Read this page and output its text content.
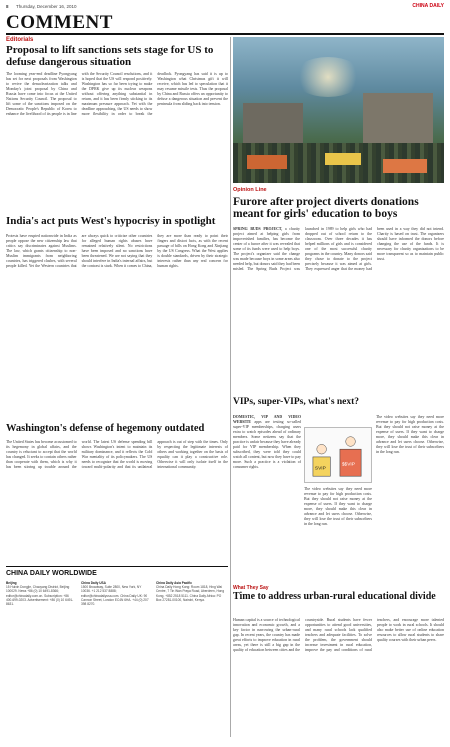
8 Thursday, December 16, 2010	CHINA DAILY
COMMENT
Editorials
Proposal to lift sanctions sets stage for US to defuse dangerous situation
The looming year-end deadline Pyongyang has set for next proposals from Washington to revive the denuclearization talks and Monday's joint proposal by China and Russia have come into focus at the United Nations Security Council. The proposal to lift some of the sanctions imposed on the Democratic People's Republic of Korea to enhance the livelihood of its people is in line with the Security Council resolutions, and it is hoped that the US will respond positively. Washington has so far been trying to make the DPRK give up its nuclear weapons without offering anything substantial in return, and it has been firmly sticking to its maximum pressure approach. Yet with the deadline approaching, the US needs to show more flexibility in order to break the deadlock. Pyongyang has said it is up to Washington what Christmas gift it will receive, which has led to speculation that it may resume missile tests. Thus the proposal by China and Russia offers an opportunity to defuse a dangerous situation and prevent the peninsula from sliding back into tension.
India's act puts West's hypocrisy in spotlight
Protests have erupted nationwide in India as people oppose the new citizenship law that critics say discriminates against Muslims. The law, which grants citizenship to non-Muslim immigrants from neighboring countries, has triggered clashes, with several people killed. Yet the Western countries that are always quick to criticize other countries for alleged human rights abuses have remained relatively silent. No restrictions have been imposed and no sanctions have been threatened. We are not saying that they should interfere in India's internal affairs, but the contrast is stark. When it comes to China, they are more than ready to point their fingers and distort facts, as with the recent passage of bills on Hong Kong and Xinjiang by the US Congress. What the West applies is double standards, driven by their strategic interests rather than any real concern for human rights.
Washington's defense of hegemony outdated
The United States has become accustomed to its hegemony in global affairs, and the country is reluctant to accept that the world has changed. It seeks to contain others rather than cooperate with them, which is why it has been stirring up trouble around the world. The latest US defense spending bill shows Washington's intent to maintain its military dominance, and it reflects the Cold War mentality of its policymakers. The US needs to recognize that the world is moving toward multi-polarity and that its unilateral approach is out of step with the times. Only by respecting the legitimate interests of others and working together on the basis of equality can it play a constructive role. Otherwise it will only isolate itself in the international community.
CHINA DAILY WORLDWIDE
Beijing
15 Huixin Dongjie, Chaoyang District, Beijing 100029. News +86 (0) 10 6491-8366; editor@chinadaily.com.cn. Subscription: +86 400-699-0203. Advertisement: +86 (0) 10 6491-8631.
China Daily USA
1500 Broadway, Suite 2800, New York, NY 10036. +1 212 537 8888; editor@chinadailyusa.com. China Daily UK: 90 Cannon Street, London EC4N 6HA. +44 (0) 207 398 8270.
China Daily Asia Pacific
China Daily Hong Kong: Room 1818, Hing Wai Centre, 7 Tin Wan Praya Road, Aberdeen, Hong Kong. +852 2518 5111. China Daily Africa: PO Box 27281-00100, Nairobi, Kenya.
Opinion Line
Furore after project diverts donations meant for girls' education to boys
SPRING BUDS PROJECT, a charity project aimed at helping girls from impoverished families, has become the center of a furore after it was revealed that some of its funds were used to help boys. The project's organizer said the change was made because boys in some areas also needed help, but donors said they had been misled. The Spring Buds Project was launched in 1989 to help girls who had dropped out of school return to the classroom. Over three decades it has helped millions of girls and is considered one of the most successful charity programs in the country. Many donors said they chose to donate to the project precisely because it was aimed at girls. They expressed anger that the money had been used in a way they did not intend. Charity is based on trust. The organizers should have informed the donors before changing the use of the funds. It is necessary for charity organizations to be more transparent so as to maintain public trust.
VIPs, super-VIPs, what's next?
DOMESTIC, VIP AND VIDEO WEBSITE apps are testing so-called super-VIP memberships, charging users extra to watch episodes ahead of ordinary members. Some netizens say that the practice is unfair because they have already paid for VIP membership. When they subscribed, they were told they could watch all content, but now they have to pay more. Such a practice is a violation of consumer rights.	SVIP
$$VIP
The video websites say they need more revenue to pay for high production costs. But they should not raise money at the expense of users. If they want to charge more, they should make this clear in advance and let users choose. Otherwise, they will lose the trust of their subscribers in the long run.
The video websites say they need more revenue to pay for high production costs. But they should not raise money at the expense of users. If they want to charge more, they should make this clear in advance and let users choose. Otherwise, they will lose the trust of their subscribers in the long run.
What They Say
Time to address urban-rural educational divide
Human capital is a source of technological innovation and economic growth, and a key factor in narrowing the urban-rural gap. In recent years, the country has made great efforts to improve education in rural areas, yet there is still a big gap in the quality of education between cities and the countryside. Rural students have fewer opportunities to attend good universities, and many rural schools lack qualified teachers and adequate facilities. To solve the problem, the government should increase investment in rural education, improve the pay and conditions of rural teachers, and encourage more talented people to work in rural schools. It should also make better use of online education resources to allow rural students to share quality courses with their urban peers.
